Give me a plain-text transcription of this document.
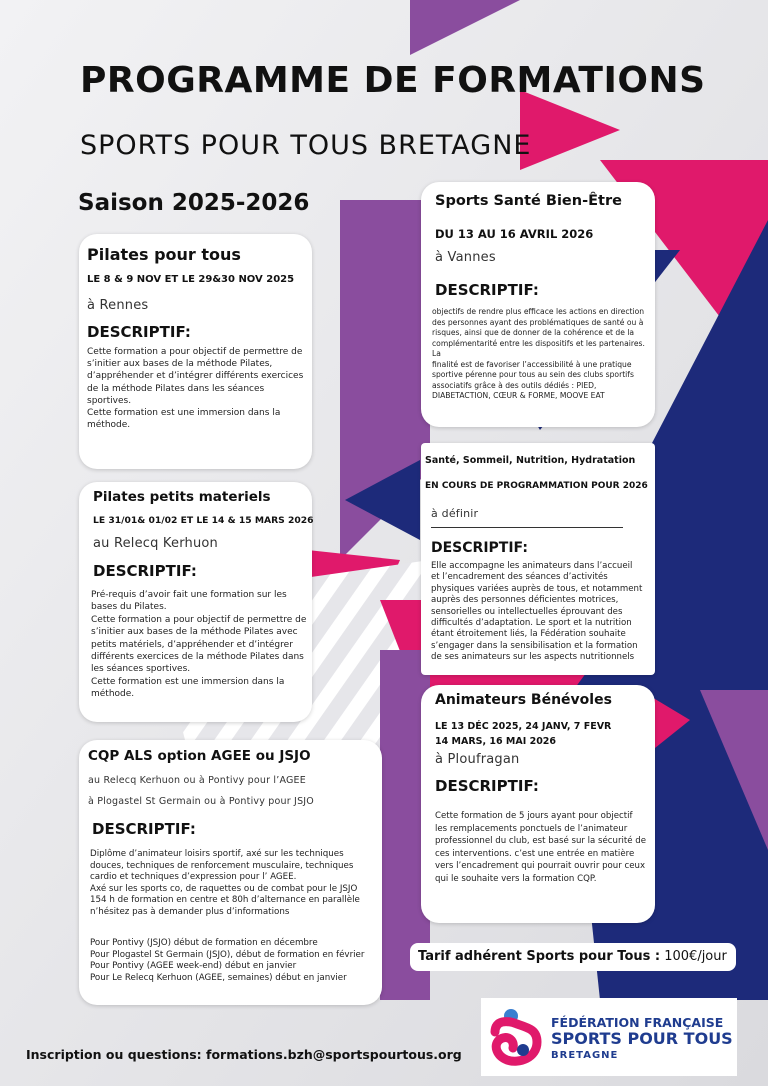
PROGRAMME DE FORMATIONS
SPORTS POUR TOUS BRETAGNE
Saison 2025-2026
Pilates pour tous
LE 8 & 9 NOV ET LE 29&30 NOV 2025
à Rennes
DESCRIPTIF:
Cette formation a pour objectif de permettre de
s’initier aux bases de la méthode Pilates,
d’appréhender et d’intégrer différents exercices
de la méthode Pilates dans les séances
sportives.
Cette formation est une immersion dans la
méthode.
Pilates petits materiels
LE 31/01& 01/02 ET LE 14 & 15 MARS 2026
au Relecq Kerhuon
DESCRIPTIF:
Pré-requis d’avoir fait une formation sur les
bases du Pilates.
Cette formation a pour objectif de permettre de
s’initier aux bases de la méthode Pilates avec
petits matériels, d’appréhender et d’intégrer
différents exercices de la méthode Pilates dans
les séances sportives.
Cette formation est une immersion dans la
méthode.
CQP ALS option AGEE ou JSJO
au Relecq Kerhuon ou à Pontivy pour l’AGEE
à Plogastel St Germain ou à Pontivy pour JSJO
DESCRIPTIF:
Diplôme d’animateur loisirs sportif, axé sur les techniques
douces, techniques de renforcement musculaire, techniques
cardio et techniques d’expression pour l’ AGEE.
Axé sur les sports co, de raquettes ou de combat pour le JSJO
154 h de formation en centre et 80h d’alternance en parallèle
n’hésitez pas à demander plus d’informations
Pour Pontivy (JSJO) début de formation en décembre
Pour Plogastel St Germain (JSJO), début de formation en février
Pour Pontivy (AGEE week-end) début en janvier
Pour Le Relecq Kerhuon (AGEE, semaines) début en janvier
Sports Santé Bien-Être
DU 13 AU 16 AVRIL 2026
à Vannes
DESCRIPTIF:
objectifs de rendre plus efficace les actions en direction
des personnes ayant des problématiques de santé ou à
risques, ainsi que de donner de la cohérence et de la
complémentarité entre les dispositifs et les partenaires. La
finalité est de favoriser l’accessibilité à une pratique
sportive pérenne pour tous au sein des clubs sportifs
associatifs grâce à des outils dédiés : PIED,
DIABETACTION, CŒUR & FORME, MOOVE EAT
Santé, Sommeil, Nutrition, Hydratation
EN COURS DE PROGRAMMATION POUR 2026
à définir
DESCRIPTIF:
Elle accompagne les animateurs dans l’accueil
et l’encadrement des séances d’activités
physiques variées auprès de tous, et notamment
auprès des personnes déficientes motrices,
sensorielles ou intellectuelles éprouvant des
difficultés d’adaptation. Le sport et la nutrition
étant étroitement liés, la Fédération souhaite
s’engager dans la sensibilisation et la formation
de ses animateurs sur les aspects nutritionnels
Animateurs Bénévoles
LE 13 DÉC 2025, 24 JANV, 7 FEVR
14 MARS, 16 MAI 2026
à Ploufragan
DESCRIPTIF:
Cette formation de 5 jours ayant pour objectif
les remplacements ponctuels de l’animateur
professionnel du club, est basé sur la sécurité de
ces interventions. c’est une entrée en matière
vers l’encadrement qui pourrait ouvrir pour ceux
qui le souhaite vers la formation CQP.
Tarif adhérent Sports pour Tous : 100€/jour
Inscription ou questions: formations.bzh@sportspourtous.org
FÉDÉRATION FRANÇAISE
SPORTS POUR TOUS
BRETAGNE
